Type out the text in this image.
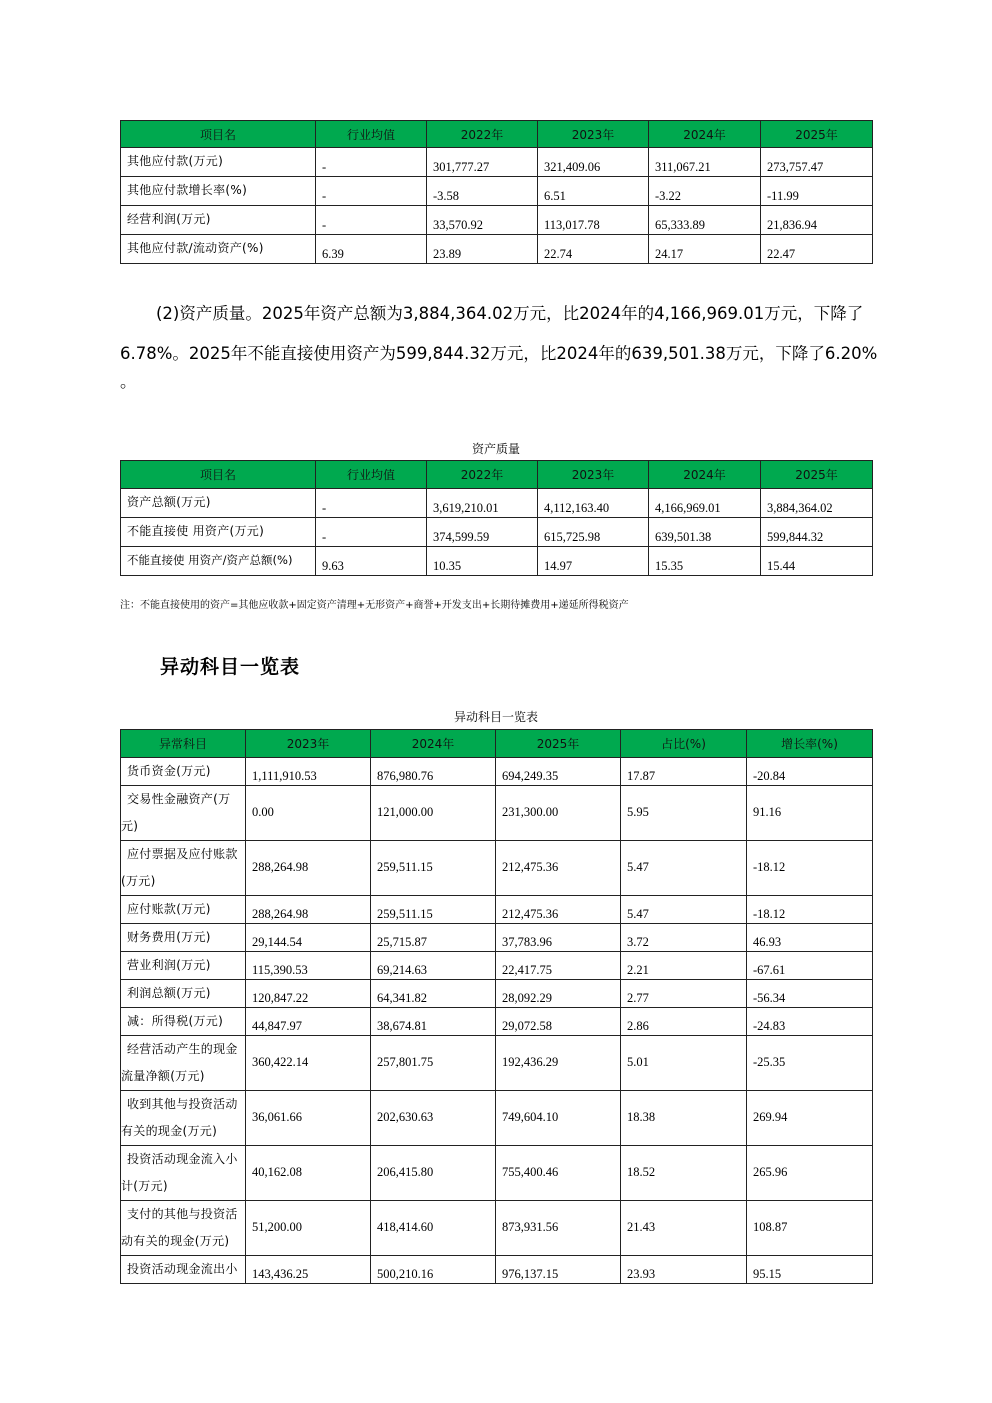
项目名	行业均值	2022年	2023年	2024年	2025年
其他应付款(万元)	-	301,777.27	321,409.06	311,067.21	273,757.47
其他应付款增长率(%)	-	-3.58	6.51	-3.22	-11.99
经营利润(万元)	-	33,570.92	113,017.78	65,333.89	21,836.94
其他应付款/流动资产(%)	6.39	23.89	22.74	24.17	22.47
(2)资产质量。2025年资产总额为3,884,364.02万元，比2024年的4,166,969.01万元，下降了
6.78%。2025年不能直接使用资产为599,844.32万元，比2024年的639,501.38万元，下降了6.20%
。
资产质量
项目名	行业均值	2022年	2023年	2024年	2025年
资产总额(万元)	-	3,619,210.01	4,112,163.40	4,166,969.01	3,884,364.02
不能直接使 用资产(万元)	-	374,599.59	615,725.98	639,501.38	599,844.32
不能直接使 用资产/资产总额(%)	9.63	10.35	14.97	15.35	15.44
注：不能直接使用的资产=其他应收款+固定资产清理+无形资产+商誉+开发支出+长期待摊费用+递延所得税资产
异动科目一览表
异动科目一览表
异常科目	2023年	2024年	2025年	占比(%)	增长率(%)
货币资金(万元)	1,111,910.53	876,980.76	694,249.35	17.87	-20.84
交易性金融资产(万元)	0.00	121,000.00	231,300.00	5.95	91.16
应付票据及应付账款(万元)	288,264.98	259,511.15	212,475.36	5.47	-18.12
应付账款(万元)	288,264.98	259,511.15	212,475.36	5.47	-18.12
财务费用(万元)	29,144.54	25,715.87	37,783.96	3.72	46.93
营业利润(万元)	115,390.53	69,214.63	22,417.75	2.21	-67.61
利润总额(万元)	120,847.22	64,341.82	28,092.29	2.77	-56.34
减：所得税(万元)	44,847.97	38,674.81	29,072.58	2.86	-24.83
经营活动产生的现金流量净额(万元)	360,422.14	257,801.75	192,436.29	5.01	-25.35
收到其他与投资活动有关的现金(万元)	36,061.66	202,630.63	749,604.10	18.38	269.94
投资活动现金流入小计(万元)	40,162.08	206,415.80	755,400.46	18.52	265.96
支付的其他与投资活动有关的现金(万元)	51,200.00	418,414.60	873,931.56	21.43	108.87
投资活动现金流出小	143,436.25	500,210.16	976,137.15	23.93	95.15
